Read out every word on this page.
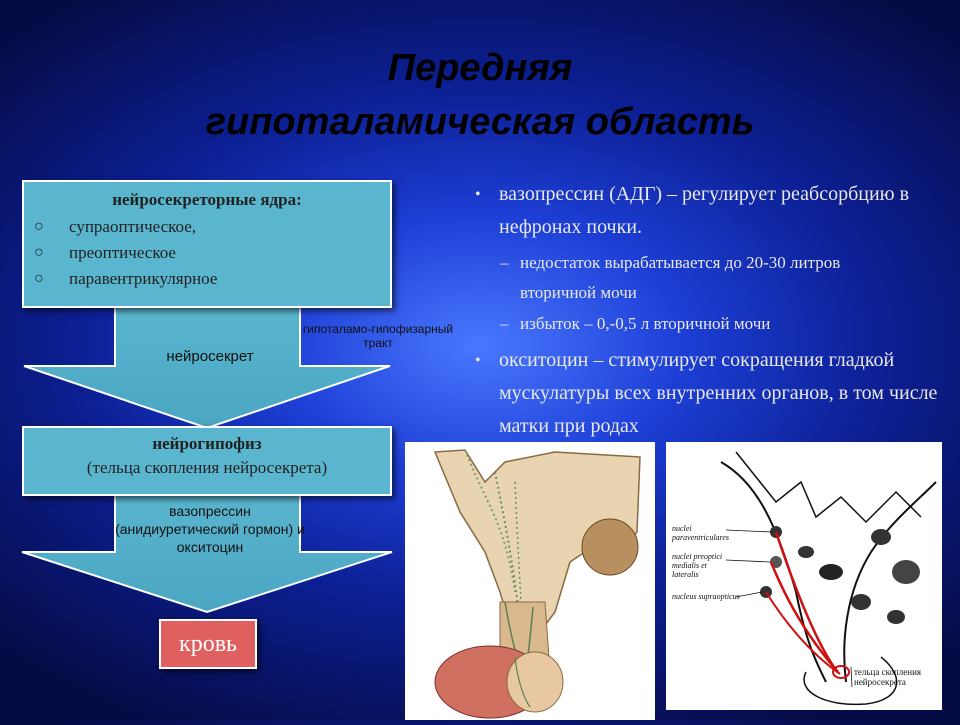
Передняя
гипоталамическая область
нейросекреторные ядра:
○ супраоптическое,
○ преоптическое
○ паравентрикулярное
нейросекрет
гипоталамо-гипофизарный тракт
нейрогипофиз
(тельца скопления нейросекрета)
вазопрессин (анидиуретический гормон) и окситоцин
кровь
• вазопрессин (АДГ) – регулирует реабсорбцию в нефронах почки.
– недостаток вырабатывается до 20-30 литров вторичной мочи
– избыток – 0,-0,5 л вторичной мочи
• окситоцин – стимулирует сокращения гладкой мускулатуры всех внутренних органов, в том числе матки при родах
nuclei paraventriculares
nuclei preoptici medialis et lateralis
nucleus supraopticus
тельца скопления нейросекрета
